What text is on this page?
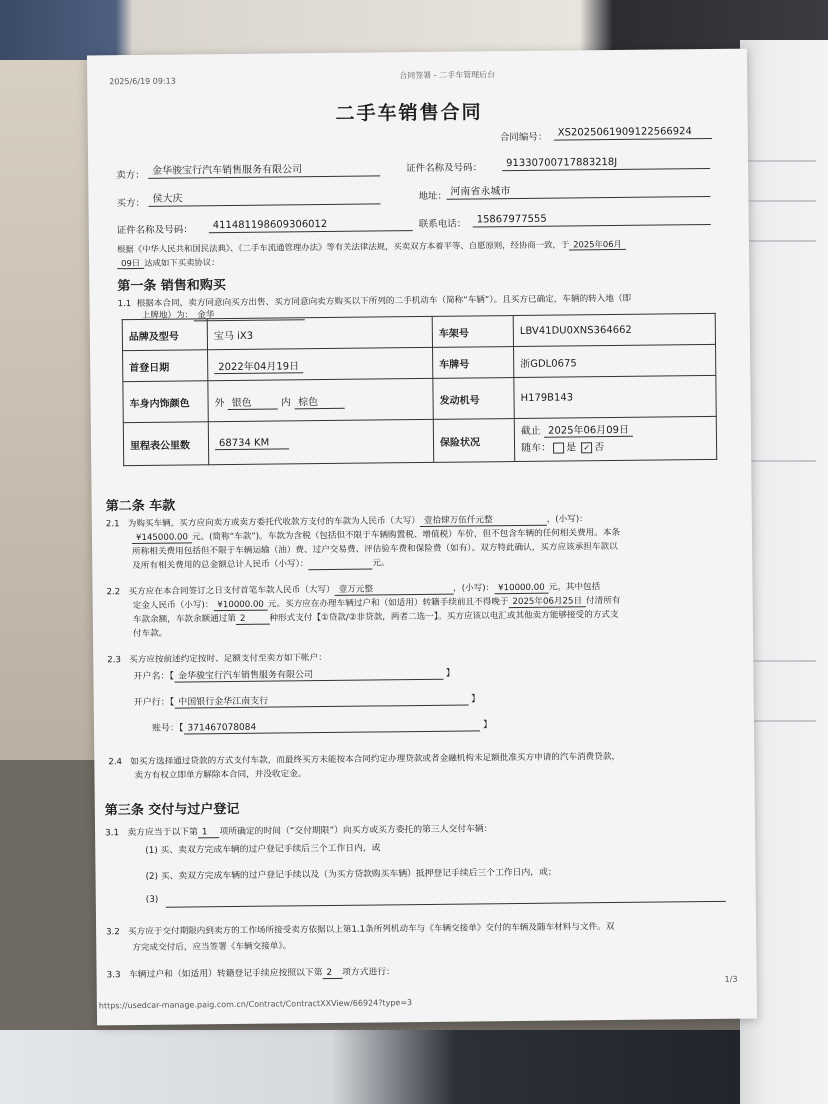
2025/6/19 09:13
合同签署 - 二手车管理后台
二手车销售合同
合同编号：	XS2025061909122566924
卖方： 金华骏宝行汽车销售服务有限公司	证件名称及号码：	91330700717883218J
买方： 侯大庆	地址： 河南省永城市
证件名称及号码：	411481198609306012	联系电话：	15867977555
根据《中华人民共和国民法典》、《二手车流通管理办法》等有关法律法规，买卖双方本着平等、自愿原则，经协商一致，于 2025年06月
09日 达成如下买卖协议：
第一条 销售和购买
1.1 根据本合同，卖方同意向买方出售、买方同意向卖方购买以下所列的二手机动车（简称“车辆”）。且买方已确定，车辆的转入地（即
上牌地）为： 金华
品牌及型号	宝马 iX3	车架号	LBV41DU0XNS364662
首登日期	2022年04月19日	车牌号	浙GDL0675
车身内饰颜色	外 银色 内 棕色	发动机号	H179B143
里程表公里数	68734 KM	保险状况	截止 2025年06月09日
随车： 是 ✓ 否
第二条 车款
2.1 为购买车辆，买方应向卖方或卖方委托代收款方支付的车款为人民币（大写） 壹拾肆万伍仟元整	，(小写)：
¥145000.00 元。(简称“车款”)。车款为含税（包括但不限于车辆购置税、增值税）车价，但不包含车辆的任何相关费用。本条
所称相关费用包括但不限于车辆运输（油）费、过户交易费、评估验车费和保险费（如有）。双方特此确认，买方应该承担车款以
及所有相关费用的总金额总计人民币（小写）：	元。
2.2 买方应在本合同签订之日支付首笔车款人民币（大写） 壹万元整	，(小写)： ¥10000.00 元。其中包括
定金人民币（小写)： ¥10000.00 元。买方应在办理车辆过户和（如适用）转籍手续前且不得晚于 2025年06月25日 付清所有
车款余额，车款余额通过第 2	种形式支付【①贷款/②非贷款，两者二选一】。买方应该以电汇或其他卖方能够接受的方式支
付车款。
2.3 买方应按前述约定按时、足额支付至卖方如下帐户：
开户名：【 金华骏宝行汽车销售服务有限公司	】
开户行：【 中国银行金华江南支行	】
账号：【 371467078084	】
2.4 如买方选择通过贷款的方式支付车款，而最终买方未能按本合同约定办理贷款或者金融机构未足额批准买方申请的汽车消费贷款，
卖方有权立即单方解除本合同，并没收定金。
第三条 交付与过户登记
3.1 卖方应当于以下第 1 项所确定的时间（“交付期限”）向买方或买方委托的第三人交付车辆：
(1) 买、卖双方完成车辆的过户登记手续后三个工作日内，或
(2) 买、卖双方完成车辆的过户登记手续以及（为买方贷款购买车辆）抵押登记手续后三个工作日内，或；
(3)
3.2 买方应于交付期限内到卖方的工作场所接受卖方依据以上第1.1条所列机动车与《车辆交接单》交付的车辆及随车材料与文件。双
方完成交付后，应当签署《车辆交接单》。
3.3 车辆过户和（如适用）转籍登记手续应按照以下第 2 项方式进行：
https://usedcar-manage.paig.com.cn/Contract/ContractXXView/66924?type=3
1/3
